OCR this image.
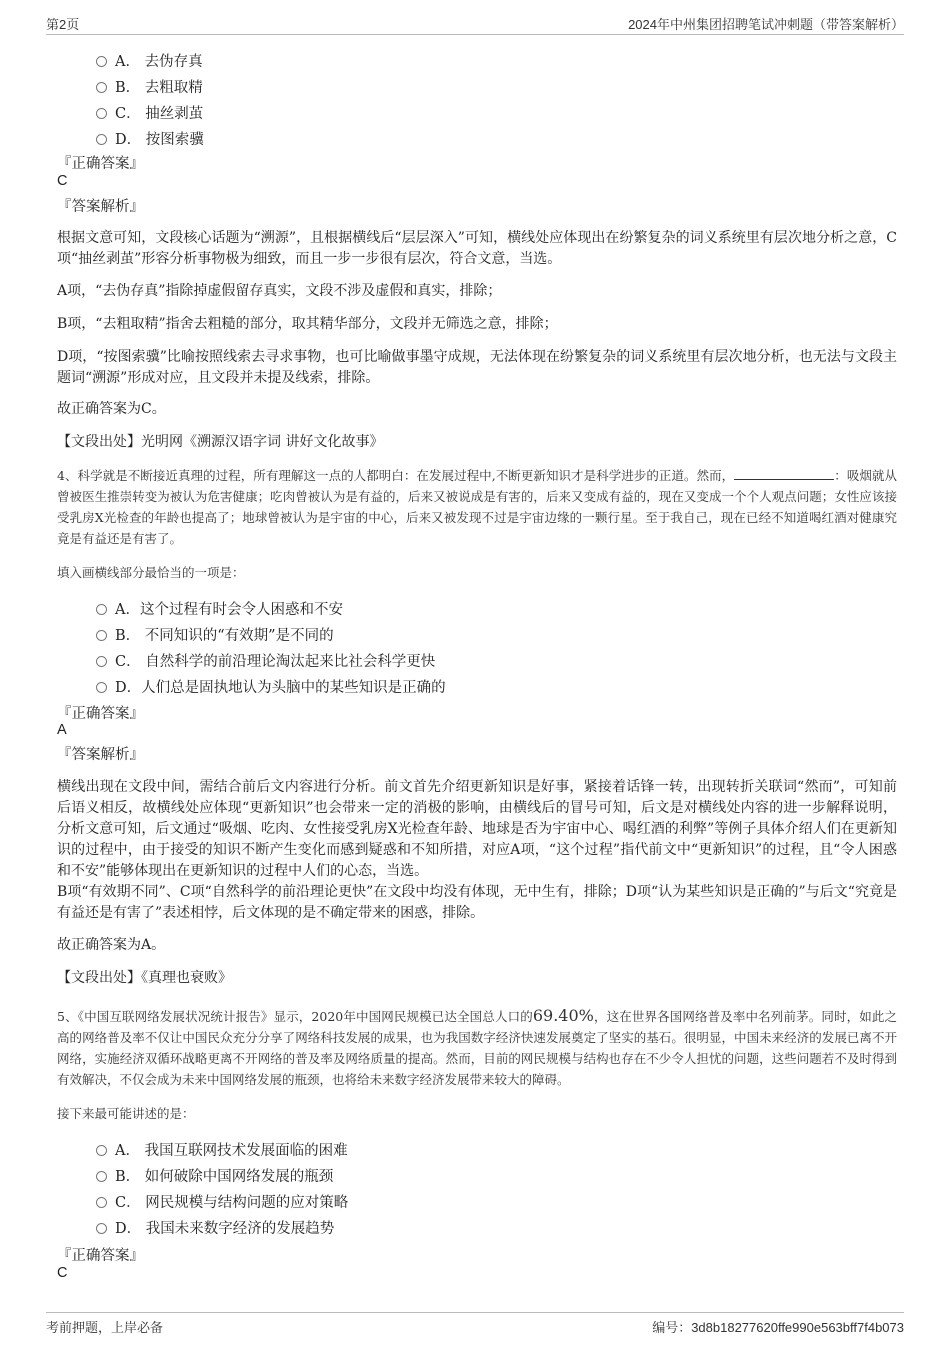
第2页	2024年中州集团招聘笔试冲刺题（带答案解析）
A． 去伪存真
B． 去粗取精
C． 抽丝剥茧
D． 按图索骥
『正确答案』
C
『答案解析』
根据文意可知，文段核心话题为“溯源”，且根据横线后“层层深入”可知，横线处应体现出在纷繁复杂的词义系统里有层次地分析之意，C项“抽丝剥茧”形容分析事物极为细致，而且一步一步很有层次，符合文意，当选。
A项，“去伪存真”指除掉虚假留存真实，文段不涉及虚假和真实，排除；
B项，“去粗取精”指舍去粗糙的部分，取其精华部分，文段并无筛选之意，排除；
D项，“按图索骥”比喻按照线索去寻求事物，也可比喻做事墨守成规，无法体现在纷繁复杂的词义系统里有层次地分析，也无法与文段主题词“溯源”形成对应，且文段并未提及线索，排除。
故正确答案为C。
【文段出处】光明网《溯源汉语字词 讲好文化故事》
4、科学就是不断接近真理的过程，所有理解这一点的人都明白：在发展过程中,不断更新知识才是科学进步的正道。然而，	：吸烟就从曾被医生推崇转变为被认为危害健康；吃肉曾被认为是有益的，后来又被说成是有害的，后来又变成有益的，现在又变成一个个人观点问题；女性应该接受乳房X光检查的年龄也提高了；地球曾被认为是宇宙的中心，后来又被发现不过是宇宙边缘的一颗行星。至于我自己，现在已经不知道喝红酒对健康究竟是有益还是有害了。
填入画横线部分最恰当的一项是：
A．这个过程有时会令人困惑和不安
B． 不同知识的“有效期”是不同的
C． 自然科学的前沿理论淘汰起来比社会科学更快
D．人们总是固执地认为头脑中的某些知识是正确的
『正确答案』
A
『答案解析』
横线出现在文段中间，需结合前后文内容进行分析。前文首先介绍更新知识是好事，紧接着话锋一转，出现转折关联词“然而”，可知前后语义相反，故横线处应体现“更新知识”也会带来一定的消极的影响，由横线后的冒号可知，后文是对横线处内容的进一步解释说明，分析文意可知，后文通过“吸烟、吃肉、女性接受乳房X光检查年龄、地球是否为宇宙中心、喝红酒的利弊”等例子具体介绍人们在更新知识的过程中，由于接受的知识不断产生变化而感到疑惑和不知所措，对应A项，“这个过程”指代前文中“更新知识”的过程，且“令人困惑和不安”能够体现出在更新知识的过程中人们的心态，当选。
B项“有效期不同”、C项“自然科学的前沿理论更快”在文段中均没有体现，无中生有，排除；D项“认为某些知识是正确的”与后文“究竟是有益还是有害了”表述相悖，后文体现的是不确定带来的困惑，排除。
故正确答案为A。
【文段出处】《真理也衰败》
5、《中国互联网络发展状况统计报告》显示，2020年中国网民规模已达全国总人口的69.40%，这在世界各国网络普及率中名列前茅。同时，如此之高的网络普及率不仅让中国民众充分分享了网络科技发展的成果，也为我国数字经济快速发展奠定了坚实的基石。很明显，中国未来经济的发展已离不开网络，实施经济双循环战略更离不开网络的普及率及网络质量的提高。然而，目前的网民规模与结构也存在不少令人担忧的问题，这些问题若不及时得到有效解决，不仅会成为未来中国网络发展的瓶颈，也将给未来数字经济发展带来较大的障碍。
接下来最可能讲述的是：
A． 我国互联网技术发展面临的困难
B． 如何破除中国网络发展的瓶颈
C． 网民规模与结构问题的应对策略
D． 我国未来数字经济的发展趋势
『正确答案』
C
考前押题，上岸必备	编号：3d8b18277620ffe990e563bff7f4b073
